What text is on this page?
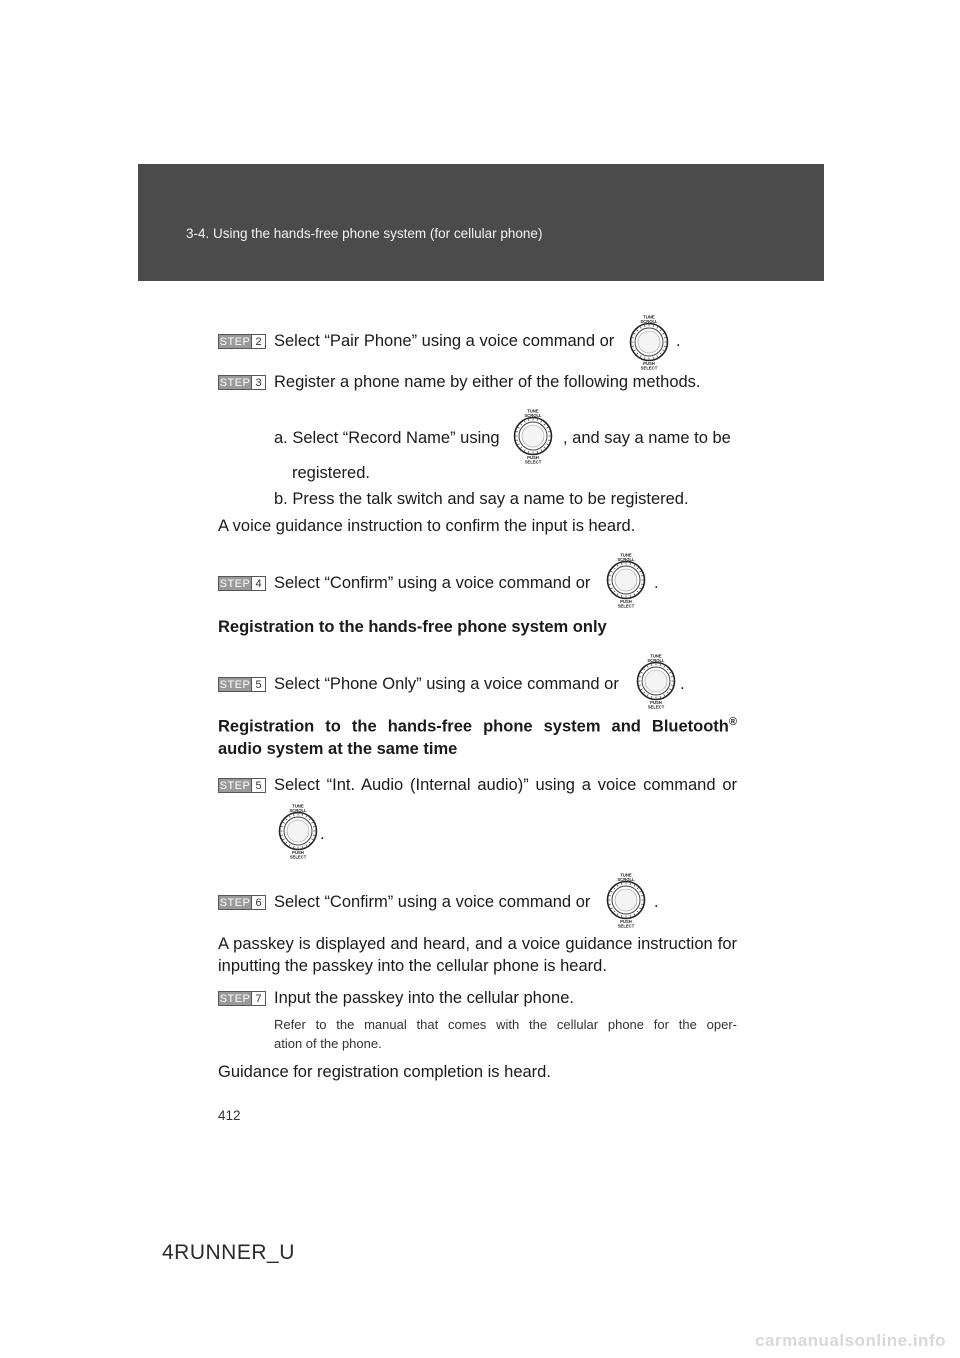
3-4. Using the hands-free phone system (for cellular phone)
STEP 2 Select “Pair Phone” using a voice command or
TUNE
SCROLL
PUSH
SELECT
.
STEP 3 Register a phone name by either of the following methods.
a. Select “Record Name” using
TUNE
SCROLL
PUSH
SELECT
, and say a name to be
registered.
b. Press the talk switch and say a name to be registered.
A voice guidance instruction to confirm the input is heard.
STEP 4 Select “Confirm” using a voice command or
TUNE
SCROLL
PUSH
SELECT
.
Registration to the hands-free phone system only
STEP 5 Select “Phone Only” using a voice command or
TUNE
SCROLL
PUSH
SELECT
.
Registration to the hands-free phone system and Bluetooth®
audio system at the same time
STEP 5 Select “Int. Audio (Internal audio)” using a voice command or
TUNE
SCROLL
PUSH
SELECT
.
STEP 6 Select “Confirm” using a voice command or
TUNE
SCROLL
PUSH
SELECT
.
A passkey is displayed and heard, and a voice guidance instruction for inputting the passkey into the cellular phone is heard.
STEP 7 Input the passkey into the cellular phone.
Refer to the manual that comes with the cellular phone for the oper-
ation of the phone.
Guidance for registration completion is heard.
412
4RUNNER_U
carmanualsonline.info
